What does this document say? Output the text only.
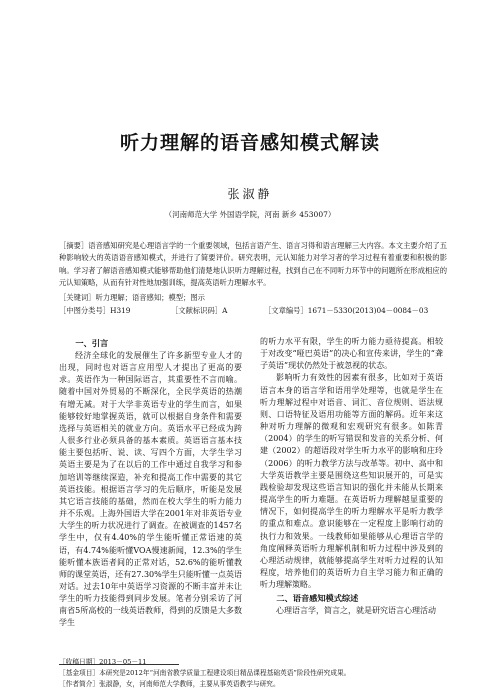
听力理解的语音感知模式解读
张淑静
（河南师范大学 外国语学院，河南 新乡 453007）
［摘要］语音感知研究是心理语言学的一个重要领域，包括言语产生、语言习得和语言理解三大内容。本文主要介绍了五种影响较大的英语语音感知模式，并进行了简要评价。研究表明，元认知能力对学习者的学习过程有着重要和积极的影响。学习者了解语音感知模式能够帮助他们清楚地认识听力理解过程，找到自己在不同听力环节中的问题所在形成相应的元认知策略，从而有针对性地加强训练，提高英语听力理解水平。
［关键词］听力理解；语音感知；模型；图示
［中图分类号］H319	［文献标识码］A	［文章编号］1671－5330(2013)04－0084－03
一、引言

经济全球化的发展催生了许多新型专业人才的出现，同时也对语言应用型人才提出了更高的要求。英语作为一种国际语言，其重要性不言而喻。随着中国对外贸易的不断深化，全民学英语的热潮有增无减。对于大学非英语专业的学生而言，如果能够较好地掌握英语，就可以根据自身条件和需要选择与英语相关的就业方向。英语水平已经成为跨人很多行业必须具备的基本素质。英语语言基本技能主要包括听、说、读、写四个方面，大学生学习英语主要是为了在以后的工作中通过自我学习和参加培训等继续深造，补充和提高工作中需要的其它英语技能。根据语言学习的先后顺序，听能是发展其它语言技能的基础，然而在校大学生的听力能力并不乐观。上海外国语大学在2001年对非英语专业大学生的听力状况进行了调查。在被调查的1457名学生中，仅有4.40%的学生能听懂正常语速的英语，有4.74%能听懂VOA慢速新闻，12.3%的学生能听懂本族语者间的正常对话，52.6%的能听懂教师的课堂英语，还有27.30%学生只能听懂一点英语对话。过去10年中英语学习资源的不断丰富并未让学生的听力技能得到同步发展。笔者分别采访了河南省5所高校的一线英语教师，得到的反馈是大多数学生

的听力水平有限，学生的听力能力亟待提高。相较于对改变“哑巴英语”的决心和宣传来讲，学生的“聋子英语”现状仍然处于被忽视的状态。

影响听力有效性的因素有很多，比如对于英语语言本身的语言学和语用学处理等，也就是学生在听力理解过程中对语音、词汇、音位规则、语法规则、口语特征及语用功能等方面的解码。近年来这种对听力理解的微观和宏观研究有很多。如陈青（2004）的学生的听写错误和发音的关系分析、何建（2002）的超语段对学生听力水平的影响和庄玲（2006）的听力教学方法与改革等。初中、高中和大学英语教学主要是围绕这些知识展开的，可是实践检验却发现这些语言知识的强化并未能从长期来提高学生的听力难题。在英语听力理解越显重要的情况下，如何提高学生的听力理解水平是听力教学的重点和难点。意识能够在一定程度上影响行动的执行力和效果。一线教师如果能够从心理语言学的角度阐释英语听力理解机制和听力过程中涉及到的心理活动规律，就能够提高学生对听力过程的认知程度，培养他们的英语听力自主学习能力和正确的听力理解策略。

二、语音感知模式综述

心理语言学，简言之，就是研究语言心理活动

［收稿日期］2013－05－11
［基金项目］本研究是2012年“河南省教学质量工程建设项目精品课程基础英语”阶段性研究成果。
［作者简介］张淑静，女，河南师范大学教师，主要从事英语教学与研究。
